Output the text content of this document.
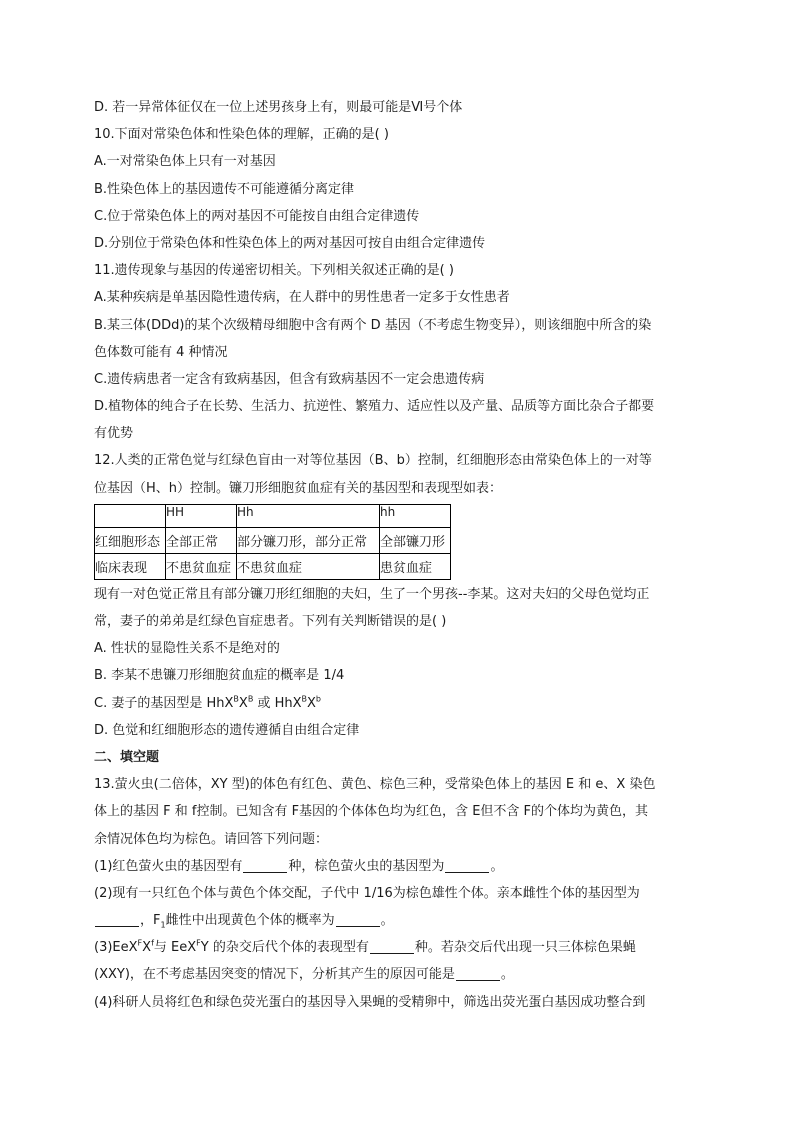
D. 若一异常体征仅在一位上述男孩身上有，则最可能是Ⅵ号个体
10.下面对常染色体和性染色体的理解，正确的是( )
A.一对常染色体上只有一对基因
B.性染色体上的基因遗传不可能遵循分离定律
C.位于常染色体上的两对基因不可能按自由组合定律遗传
D.分别位于常染色体和性染色体上的两对基因可按自由组合定律遗传
11.遗传现象与基因的传递密切相关。下列相关叙述正确的是( )
A.某种疾病是单基因隐性遗传病，在人群中的男性患者一定多于女性患者
B.某三体(DDd)的某个次级精母细胞中含有两个 D 基因（不考虑生物变异），则该细胞中所含的染
色体数可能有 4 种情况
C.遗传病患者一定含有致病基因，但含有致病基因不一定会患遗传病
D.植物体的纯合子在长势、生活力、抗逆性、繁殖力、适应性以及产量、品质等方面比杂合子都要
有优势
12.人类的正常色觉与红绿色盲由一对等位基因（B、b）控制，红细胞形态由常染色体上的一对等
位基因（H、h）控制。镰刀形细胞贫血症有关的基因型和表现型如表：
	HH	Hh	hh
红细胞形态	全部正常	部分镰刀形，部分正常	全部镰刀形
临床表现	不患贫血症	不患贫血症	患贫血症
现有一对色觉正常且有部分镰刀形红细胞的夫妇，生了一个男孩--李某。这对夫妇的父母色觉均正
常，妻子的弟弟是红绿色盲症患者。下列有关判断错误的是( )
A. 性状的显隐性关系不是绝对的
B. 李某不患镰刀形细胞贫血症的概率是 1/4
C. 妻子的基因型是 $HhX^BX^B$ 或 $HhX^BX^b$
D. 色觉和红细胞形态的遗传遵循自由组合定律
二、填空题
13.萤火虫(二倍体，XY 型)的体色有红色、黄色、棕色三种，受常染色体上的基因 E 和 e、X 染色
体上的基因 F 和 f控制。已知含有 F基因的个体体色均为红色，含 E但不含 F的个体均为黄色，其
余情况体色均为棕色。请回答下列问题：
(1)红色萤火虫的基因型有	种，棕色萤火虫的基因型为	。
(2)现有一只红色个体与黄色个体交配，子代中 1/16为棕色雄性个体。亲本雌性个体的基因型为
，$F_1$雌性中出现黄色个体的概率为	。
$(3)EeX^FX^f$与 EeX$^F$Y 的杂交后代个体的表现型有	种。若杂交后代出现一只三体棕色果蝇
(XXY)，在不考虑基因突变的情况下，分析其产生的原因可能是	。
(4)科研人员将红色和绿色荧光蛋白的基因导入果蝇的受精卵中，筛选出荧光蛋白基因成功整合到
